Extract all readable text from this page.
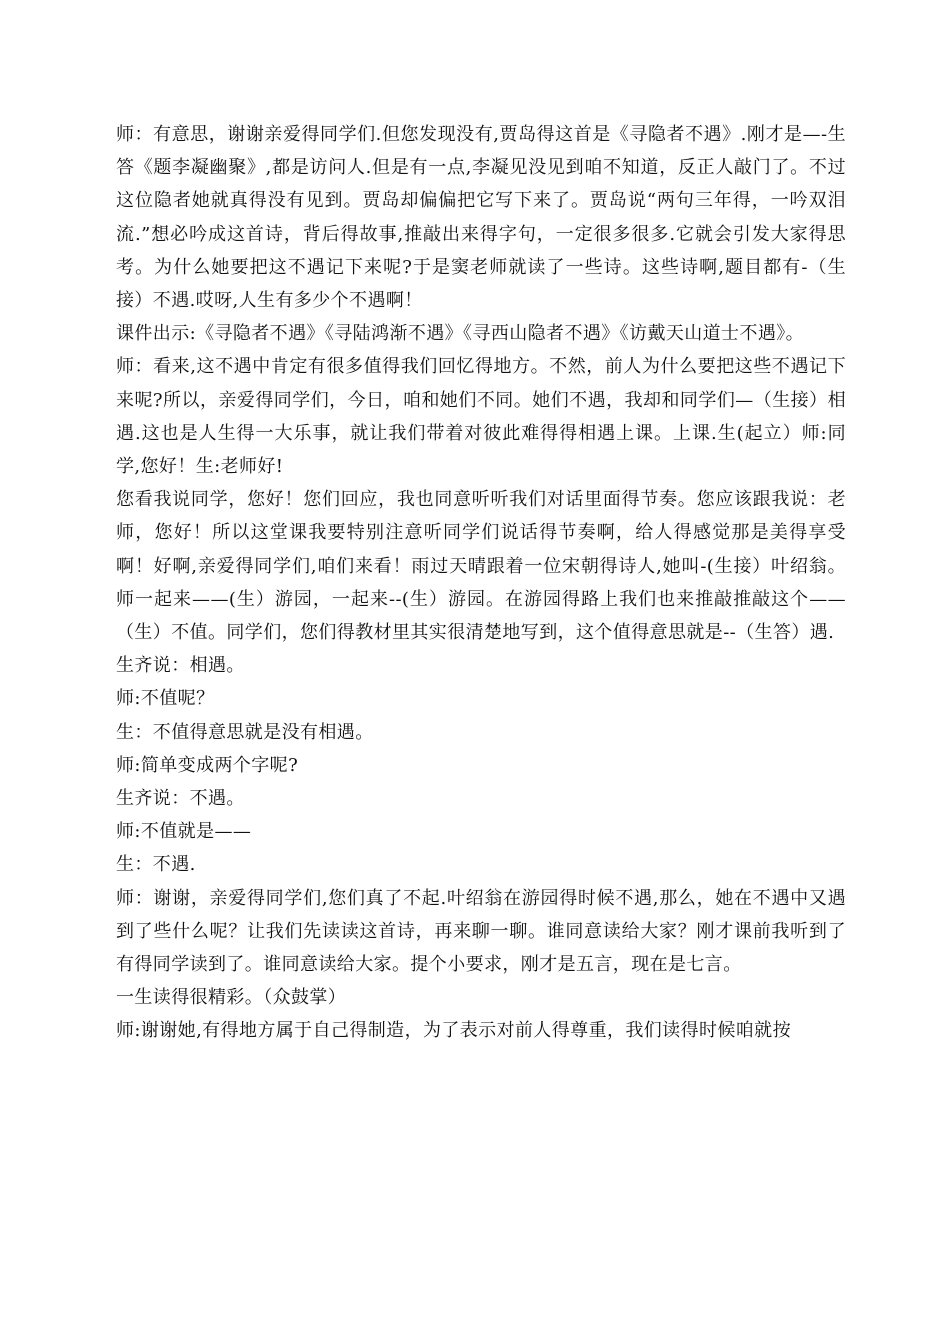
师：有意思，谢谢亲爱得同学们.但您发现没有,贾岛得这首是《寻隐者不遇》.刚才是—-生答《题李凝幽聚》,都是访问人.但是有一点,李凝见没见到咱不知道，反正人敲门了。不过这位隐者她就真得没有见到。贾岛却偏偏把它写下来了。贾岛说“两句三年得，一吟双泪流.”想必吟成这首诗，背后得故事,推敲出来得字句，一定很多很多.它就会引发大家得思考。为什么她要把这不遇记下来呢?于是窦老师就读了一些诗。这些诗啊,题目都有-（生接）不遇.哎呀,人生有多少个不遇啊！

课件出示:《寻隐者不遇》《寻陆鸿渐不遇》《寻西山隐者不遇》《访戴天山道士不遇》。

师：看来,这不遇中肯定有很多值得我们回忆得地方。不然，前人为什么要把这些不遇记下来呢?所以，亲爱得同学们，今日，咱和她们不同。她们不遇，我却和同学们—（生接）相遇.这也是人生得一大乐事，就让我们带着对彼此难得得相遇上课。上课.生(起立）师:同学,您好！生:老师好!

您看我说同学，您好！您们回应，我也同意听听我们对话里面得节奏。您应该跟我说：老师，您好！所以这堂课我要特别注意听同学们说话得节奏啊，给人得感觉那是美得享受啊！好啊,亲爱得同学们,咱们来看！雨过天晴跟着一位宋朝得诗人,她叫-(生接）叶绍翁。师一起来——(生）游园，一起来--(生）游园。在游园得路上我们也来推敲推敲这个——（生）不值。同学们，您们得教材里其实很清楚地写到，这个值得意思就是--（生答）遇.

生齐说：相遇。

师:不值呢？

生：不值得意思就是没有相遇。

师:简单变成两个字呢?

生齐说：不遇。

师:不值就是——

生：不遇.

师：谢谢，亲爱得同学们,您们真了不起.叶绍翁在游园得时候不遇,那么，她在不遇中又遇到了些什么呢？让我们先读读这首诗，再来聊一聊。谁同意读给大家？刚才课前我听到了有得同学读到了。谁同意读给大家。提个小要求，刚才是五言，现在是七言。

一生读得很精彩。（众鼓掌）

师:谢谢她,有得地方属于自己得制造，为了表示对前人得尊重，我们读得时候咱就按
